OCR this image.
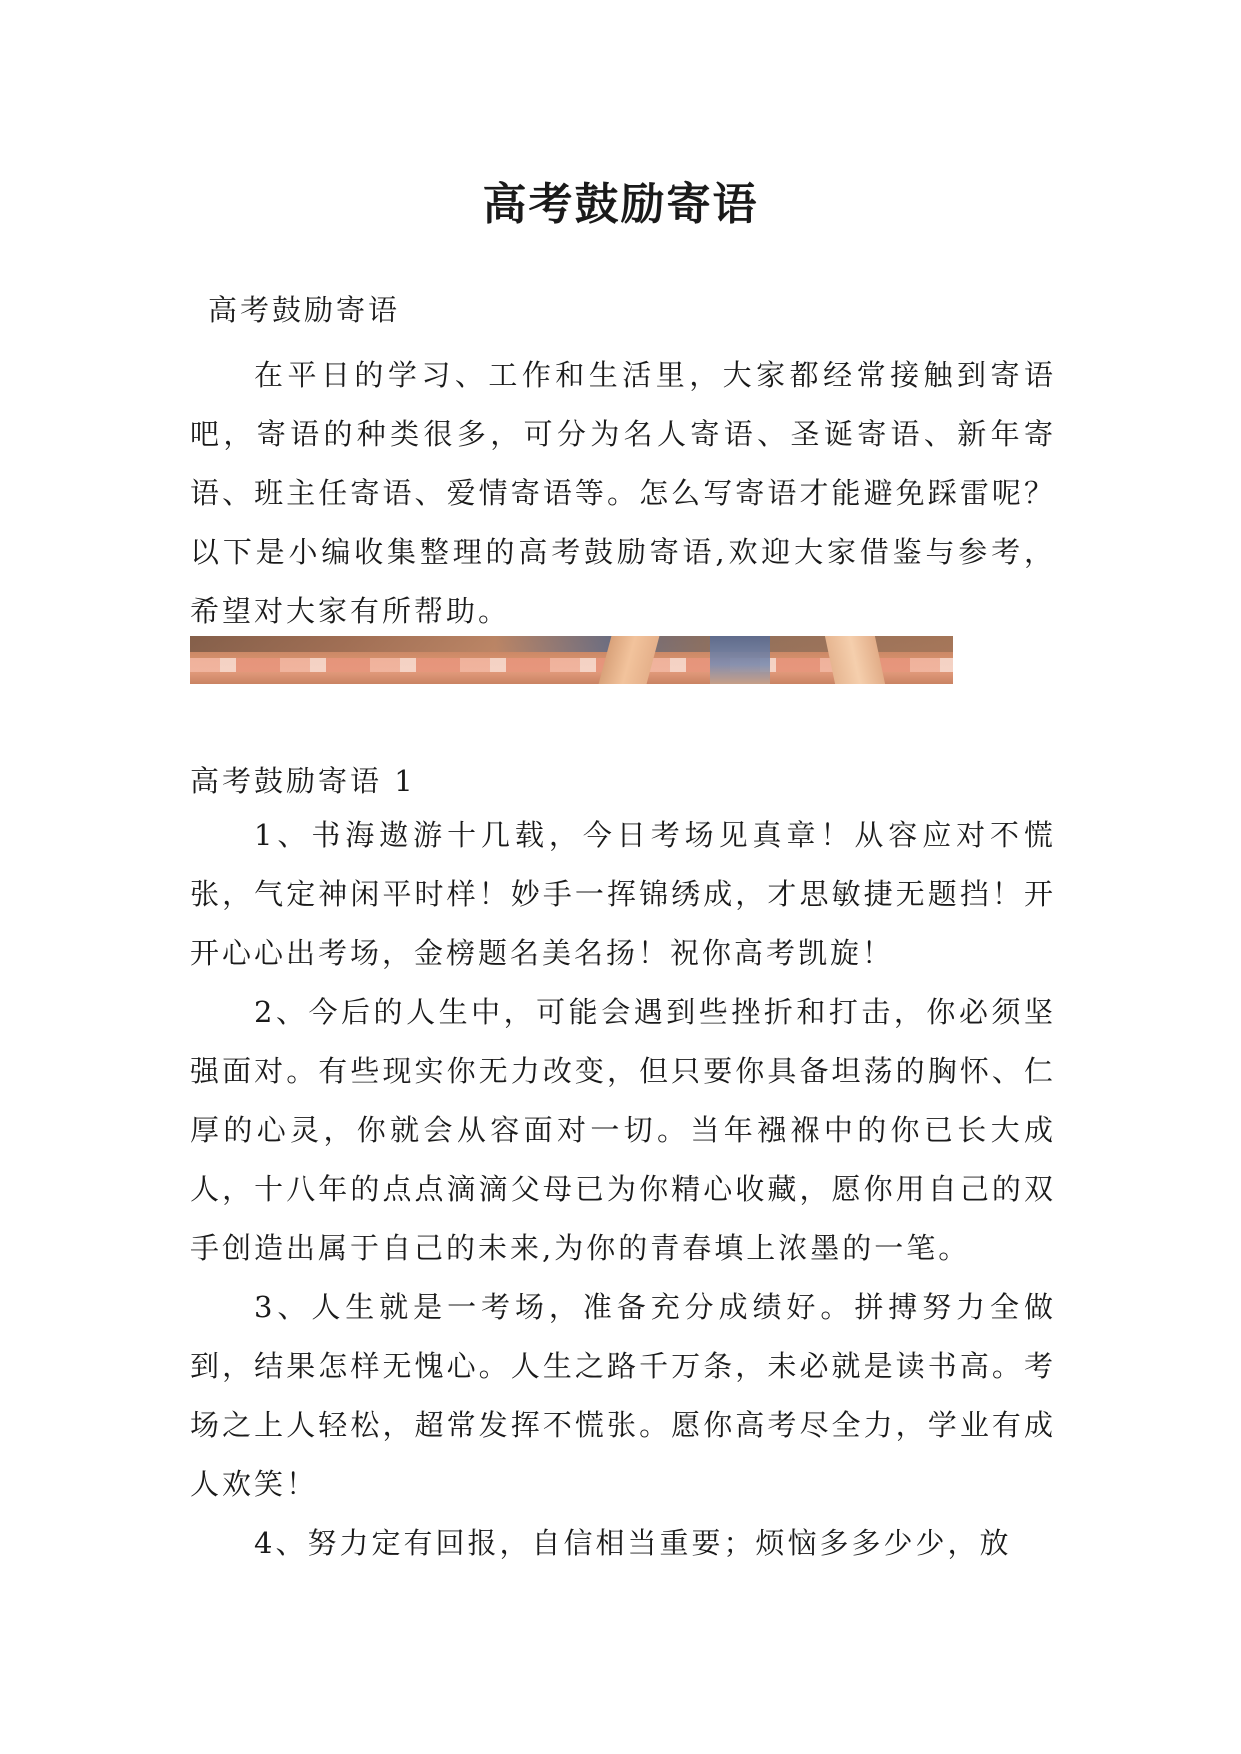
高考鼓励寄语

高考鼓励寄语

在平日的学习、工作和生活里，大家都经常接触到寄语吧，寄语的种类很多，可分为名人寄语、圣诞寄语、新年寄语、班主任寄语、爱情寄语等。怎么写寄语才能避免踩雷呢？以下是小编收集整理的高考鼓励寄语,欢迎大家借鉴与参考，希望对大家有所帮助。

高考鼓励寄语 1

1、书海遨游十几载，今日考场见真章！从容应对不慌张，气定神闲平时样！妙手一挥锦绣成，才思敏捷无题挡！开开心心出考场，金榜题名美名扬！祝你高考凯旋！

2、今后的人生中，可能会遇到些挫折和打击，你必须坚强面对。有些现实你无力改变，但只要你具备坦荡的胸怀、仁厚的心灵，你就会从容面对一切。当年襁褓中的你已长大成人，十八年的点点滴滴父母已为你精心收藏，愿你用自己的双手创造出属于自己的未来,为你的青春填上浓墨的一笔。

3、人生就是一考场，准备充分成绩好。拼搏努力全做到，结果怎样无愧心。人生之路千万条，未必就是读书高。考场之上人轻松，超常发挥不慌张。愿你高考尽全力，学业有成人欢笑！

4、努力定有回报，自信相当重要；烦恼多多少少，放
